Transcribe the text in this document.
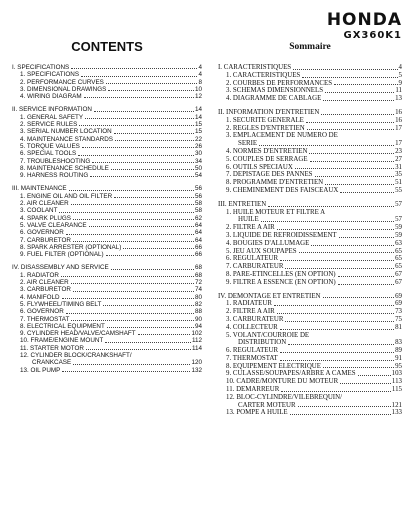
HONDA
GX360K1
CONTENTS
I. SPECIFICATIONS	4
1. SPECIFICATIONS	4
2. PERFORMANCE CURVES	8
3. DIMENSIONAL DRAWINGS	10
4. WIRING DIAGRAM	12
II. SERVICE INFORMATION	14
1. GENERAL SAFETY	14
2. SERVICE RULES	15
3. SERIAL NUMBER LOCATION	15
4. MAINTENANCE STANDARDS	22
5. TORQUE VALUES	26
6. SPECIAL TOOLS	30
7. TROUBLESHOOTING	34
8. MAINTENANCE SCHEDULE	50
9. HARNESS ROUTING	54
III. MAINTENANCE	56
1. ENGINE OIL AND OIL FILTER	56
2. AIR CLEANER	58
3. COOLANT	58
4. SPARK PLUGS	62
5. VALVE CLEARANCE	64
6. GOVERNOR	64
7. CARBURETOR	64
8. SPARK ARRESTER (OPTIONAL)	66
9. FUEL FILTER (OPTIONAL)	66
IV. DISASSEMBLY AND SERVICE	68
1. RADIATOR	68
2. AIR CLEANER	72
3. CARBURETOR	74
4. MANIFOLD	80
5. FLYWHEEL/TIMING BELT	82
6. GOVERNOR	88
7. THERMOSTAT	90
8. ELECTRICAL EQUIPMENT	94
9. CYLINDER HEAD/VALVE/CAMSHAFT	102
10. FRAME/ENGINE MOUNT	112
11. STARTER MOTOR	114
12. CYLINDER BLOCK/CRANKSHAFT/
CRANKCASE	120
13. OIL PUMP	132
Sommaire
I. CARACTERISTIQUES	4
1. CARACTERISTIQUES	5
2. COURBES DE PERFORMANCES	9
3. SCHEMAS DIMENSIONNELS	11
4. DIAGRAMME DE CABLAGE	13
II. INFORMATION D'ENTRETIEN	16
1. SECURITE GENERALE	16
2. REGLES D'ENTRETIEN	17
3. EMPLACEMENT DE NUMERO DE
SERIE	17
4. NORMES D'ENTRETIEN	23
5. COUPLES DE SERRAGE	27
6. OUTILS SPECIAUX	31
7. DEPISTAGE DES PANNES	35
8. PROGRAMME D'ENTRETIEN	51
9. CHEMINEMENT DES FAISCEAUX	55
III. ENTRETIEN	57
1. HUILE MOTEUR ET FILTRE A
HUILE	57
2. FILTRE A AIR	59
3. LIQUIDE DE REFROIDISSEMENT	59
4. BOUGIES D'ALLUMAGE	63
5. JEU AUX SOUPAPES	65
6. REGULATEUR	65
7. CARBURATEUR	65
8. PARE-ETINCELLES (EN OPTION)	67
9. FILTRE A ESSENCE (EN OPTION)	67
IV. DEMONTAGE ET ENTRETIEN	69
1. RADIATEUR	69
2. FILTRE A AIR	73
3. CARBURATEUR	75
4. COLLECTEUR	81
5. VOLANT/COURROIE DE
DISTRIBUTION	83
6. REGULATEUR	89
7. THERMOSTAT	91
8. EQUIPEMENT ELECTRIQUE	95
9. CULASSE/SOUPAPES/ARBRE A CAMES	103
10. CADRE/MONTURE DU MOTEUR	113
11. DEMARREUR	115
12. BLOC-CYLINDRE/VILEBREQUIN/
CARTER MOTEUR	121
13. POMPE A HUILE	133
